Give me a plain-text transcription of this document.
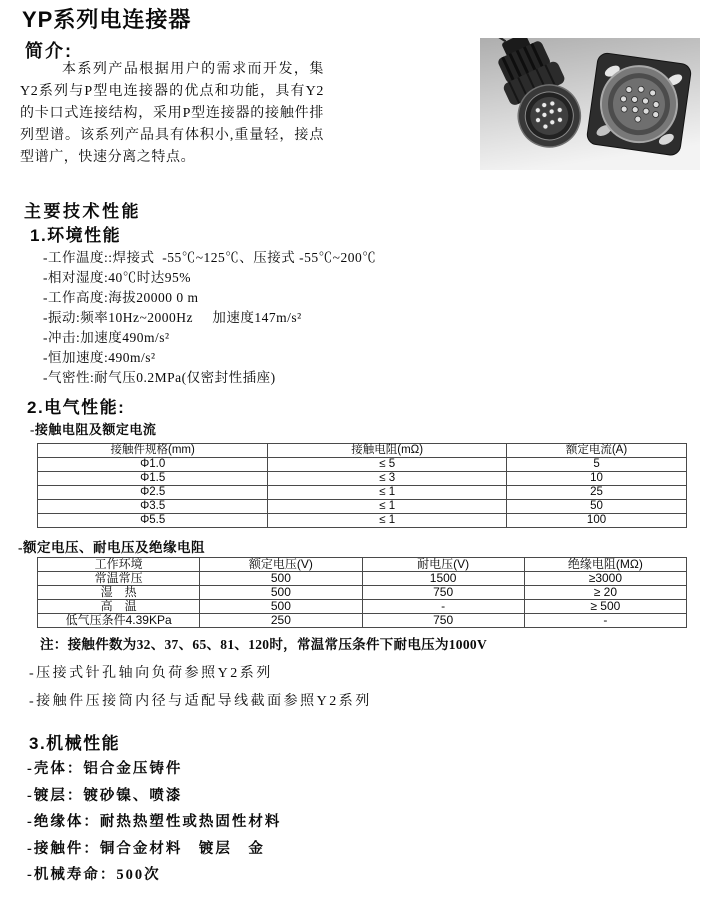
YP系列电连接器
简介:

本系列产品根据用户的需求而开发，集Y2系列与P型电连接器的优点和功能，具有Y2的卡口式连接结构，采用P型连接器的接触件排列型谱。该系列产品具有体积小,重量轻，接点型谱广，快速分离之特点。

主要技术性能
1.环境性能
-工作温度::焊接式  -55℃~125℃、压接式 -55℃~200℃
-相对湿度:40℃时达95%
-工作高度:海拔20000 0 m
-振动:频率10Hz~2000Hz     加速度147m/s²
-冲击:加速度490m/s²
-恒加速度:490m/s²
-气密性:耐气压0.2MPa(仅密封性插座)
2.电气性能:
-接触电阻及额定电流
接触件规格(mm)	接触电阻(mΩ)	额定电流(A)
Φ1.0	≤ 5	5
Φ1.5	≤ 3	10
Φ2.5	≤ 1	25
Φ3.5	≤ 1	50
Φ5.5	≤ 1	100
-额定电压、耐电压及绝缘电阻
工作环境	额定电压(V)	耐电压(V)	绝缘电阻(MΩ)
常温常压	500	1500	≥3000
湿　热	500	750	≥ 20
高　温	500	-	≥ 500
低气压条件4.39KPa	250	750	-
注：接触件数为32、37、65、81、120时，常温常压条件下耐电压为1000V
-压接式针孔轴向负荷参照Y2系列
-接触件压接筒内径与适配导线截面参照Y2系列
3.机械性能
-壳体：铝合金压铸件
-镀层：镀砂镍、喷漆
-绝缘体：耐热热塑性或热固性材料
-接触件：铜合金材料　镀层　金
-机械寿命：500次
